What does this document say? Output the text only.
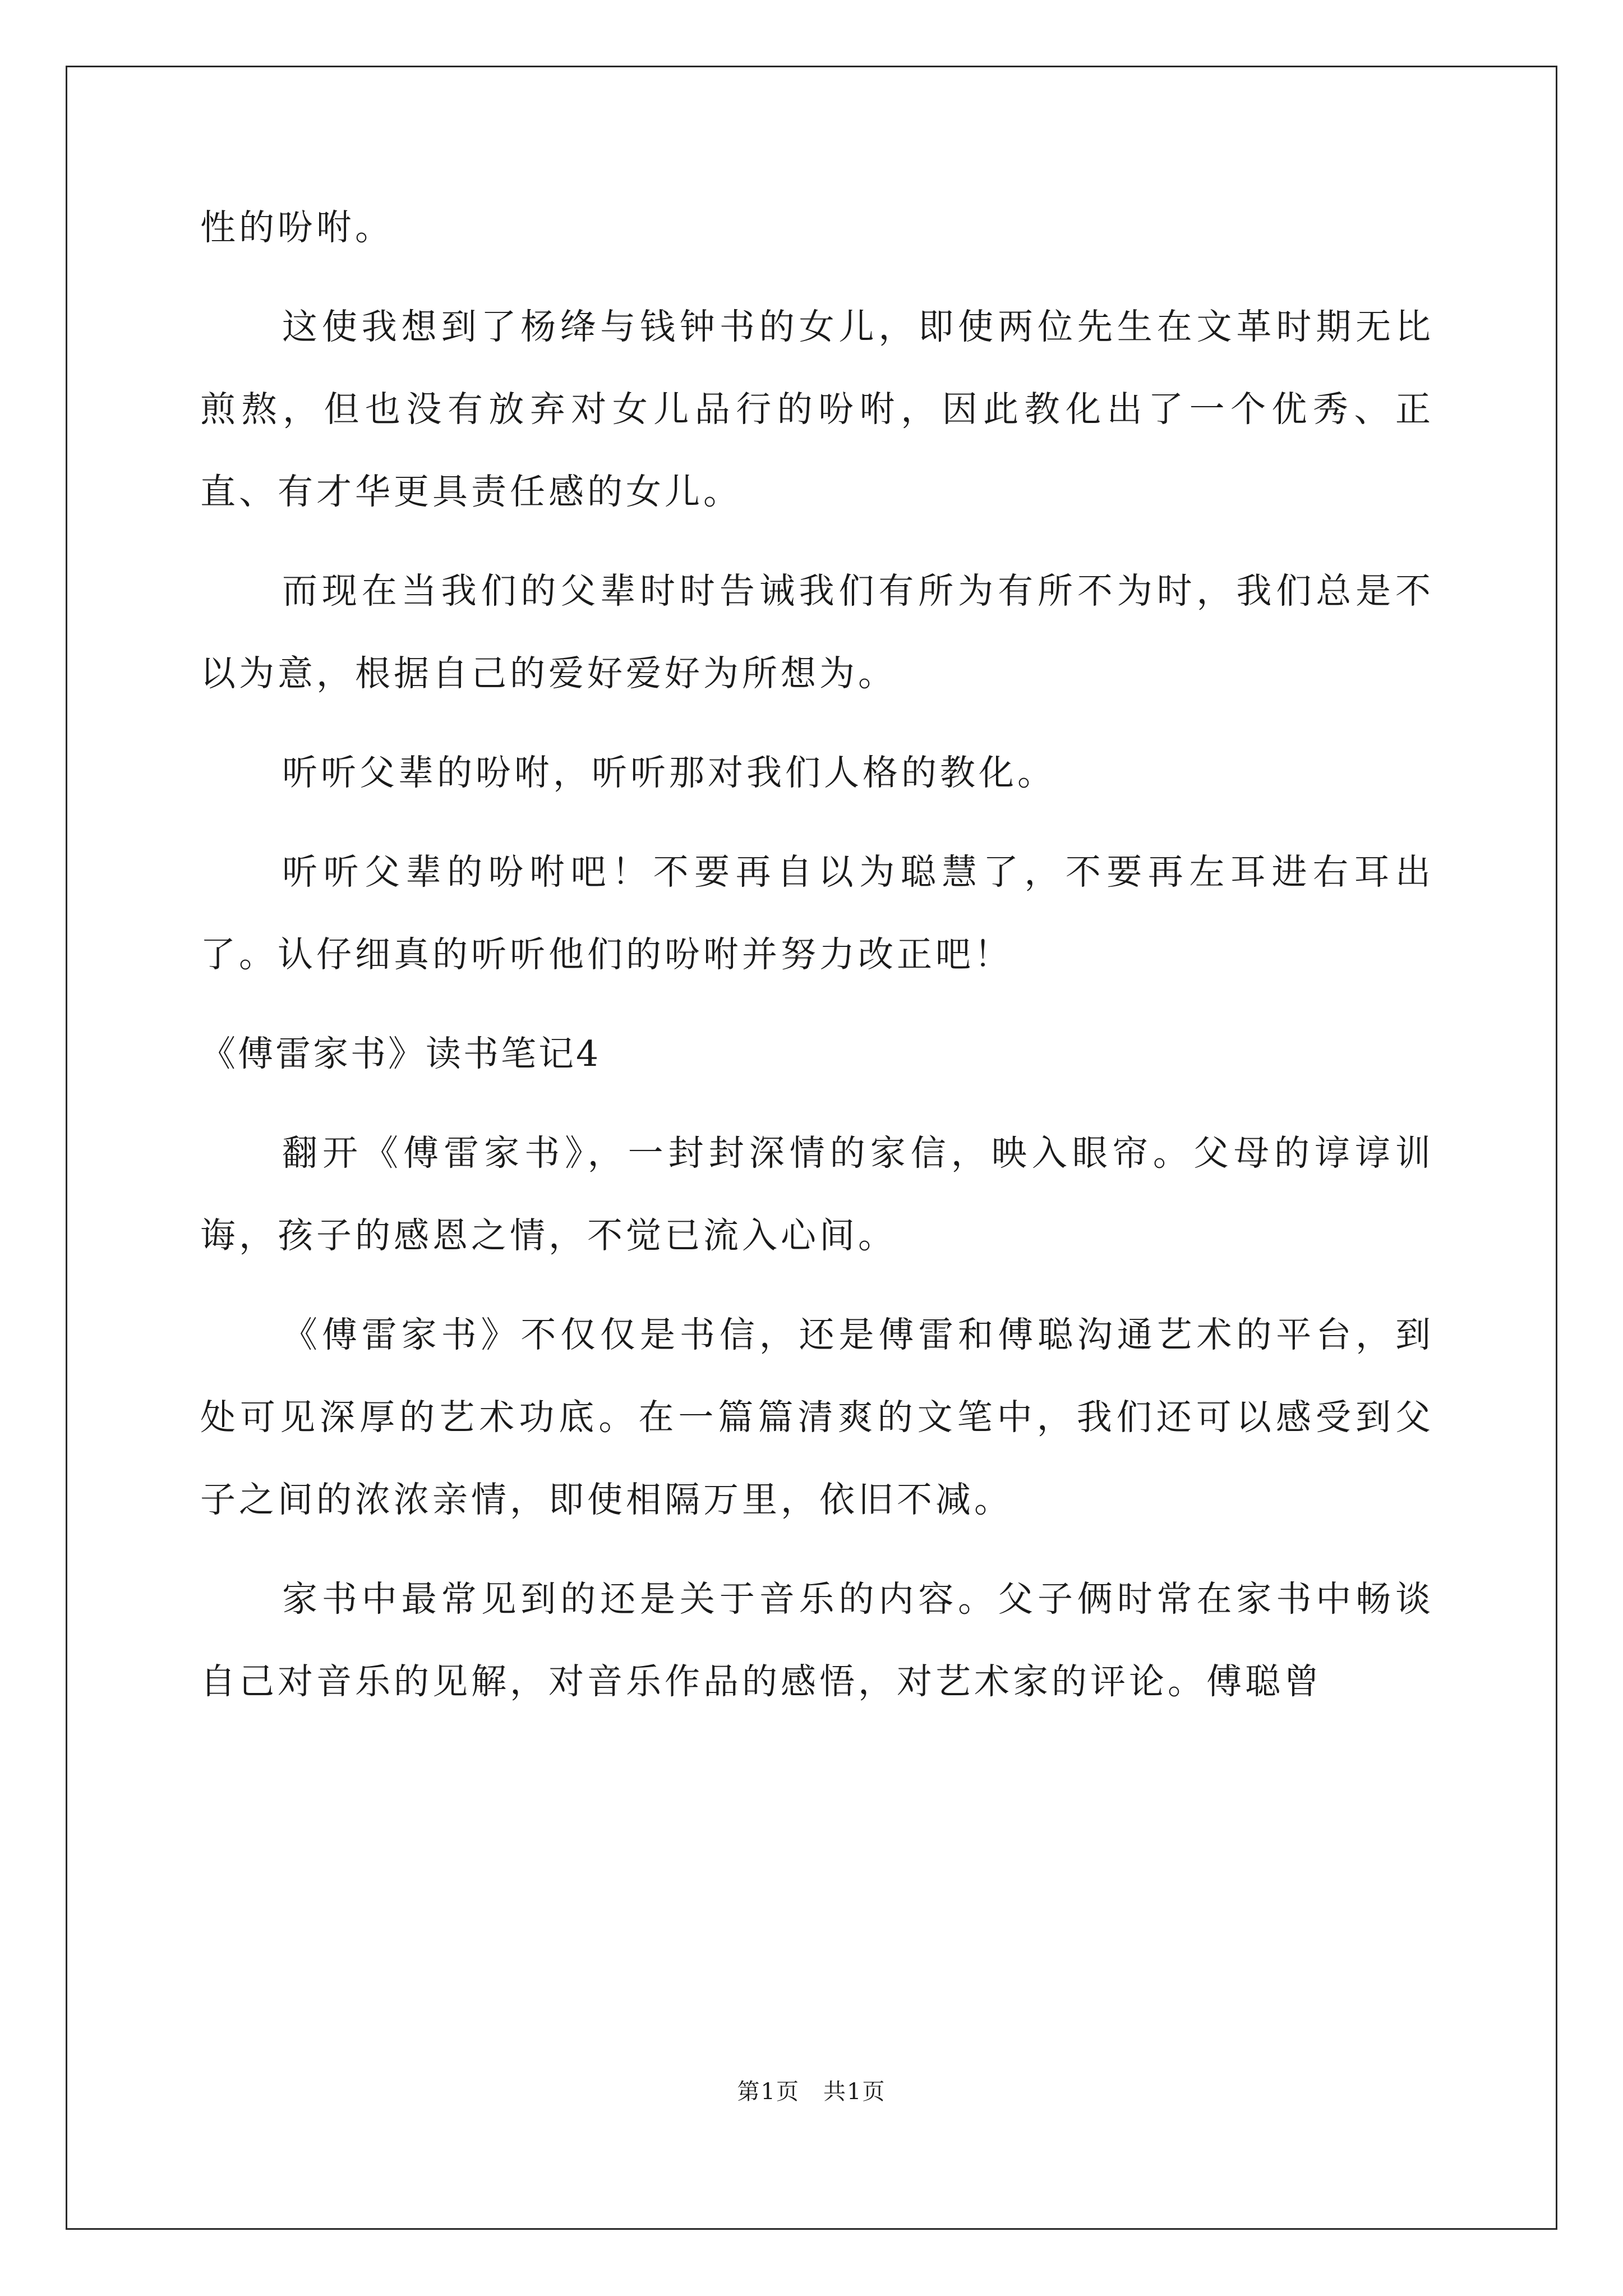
性的吩咐。

这使我想到了杨绛与钱钟书的女儿，即使两位先生在文革时期无比煎熬，但也没有放弃对女儿品行的吩咐，因此教化出了一个优秀、正直、有才华更具责任感的女儿。

而现在当我们的父辈时时告诫我们有所为有所不为时，我们总是不以为意，根据自己的爱好爱好为所想为。

听听父辈的吩咐，听听那对我们人格的教化。

听听父辈的吩咐吧！不要再自以为聪慧了，不要再左耳进右耳出了。认仔细真的听听他们的吩咐并努力改正吧！

《傅雷家书》读书笔记4

翻开《傅雷家书》，一封封深情的家信，映入眼帘。父母的谆谆训诲，孩子的感恩之情，不觉已流入心间。

《傅雷家书》不仅仅是书信，还是傅雷和傅聪沟通艺术的平台，到处可见深厚的艺术功底。在一篇篇清爽的文笔中，我们还可以感受到父子之间的浓浓亲情，即使相隔万里，依旧不减。

家书中最常见到的还是关于音乐的内容。父子俩时常在家书中畅谈自己对音乐的见解，对音乐作品的感悟，对艺术家的评论。傅聪曾

第1页　共1页
